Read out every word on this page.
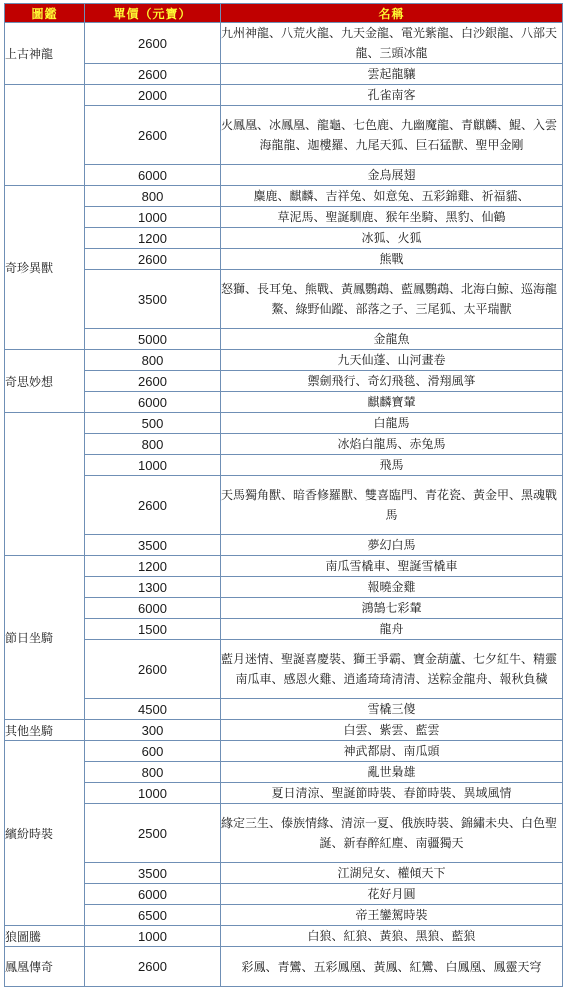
圖鑑	單價（元寶）	名稱
上古神龍	2600	九州神龍、八荒火龍、九天金龍、電光紫龍、白沙銀龍、八部天龍、三頭冰龍
	2600	雲起龍驤
	2000	孔雀南客
	2600	火鳳凰、冰鳳凰、龍龜、七色鹿、九幽魔龍、青麒麟、鯤、入雲海龍龍、迦樓羅、九尾天狐、巨石猛獸、聖甲金剛
	6000	金烏展翅
奇珍異獸	800	麋鹿、麒麟、吉祥兔、如意兔、五彩錦雞、祈福貓、
	1000	草泥馬、聖誕馴鹿、猴年坐騎、黑豹、仙鶴
	1200	冰狐、火狐
	2600	熊戰
	3500	怒獅、長耳兔、熊戰、黃鳳鸚鵡、藍鳳鸚鵡、北海白鯨、巡海龍鰲、綠野仙蹤、部落之子、三尾狐、太平瑞獸
	5000	金龍魚
奇思妙想	800	九天仙蓬、山河畫卷
	2600	禦劍飛行、奇幻飛毯、滑翔風箏
	6000	麒麟寶輦
	500	白龍馬
	800	冰焰白龍馬、赤兔馬
	1000	飛馬
	2600	天馬獨角獸、暗香修羅獸、雙喜臨門、青花瓷、黃金甲、黑魂戰馬
	3500	夢幻白馬
節日坐騎	1200	南瓜雪橇車、聖誕雪橇車
	1300	報曉金雞
	6000	鴻鵠七彩輦
	1500	龍舟
	2600	藍月迷情、聖誕喜慶裝、獅王爭霸、寶金葫蘆、七夕紅牛、精靈南瓜車、感恩火雞、逍遙琦琦清清、送粽金龍舟、報秋負穢
	4500	雪橇三傻
其他坐騎	300	白雲、紫雲、藍雲
繽紛時裝	600	神武都尉、南瓜頭
	800	亂世梟雄
	1000	夏日清涼、聖誕節時裝、春節時裝、異域風情
	2500	緣定三生、傣族情緣、清涼一夏、俄族時裝、錦繡未央、白色聖誕、新春醉紅塵、南疆獨天
	3500	江湖兒女、權傾天下
	6000	花好月圓
	6500	帝王鑾駕時裝
狼圖騰	1000	白狼、紅狼、黃狼、黑狼、藍狼
鳳凰傳奇	2600	彩鳳、青鸞、五彩鳳凰、黃鳳、紅鸞、白鳳凰、鳳靈天穹
